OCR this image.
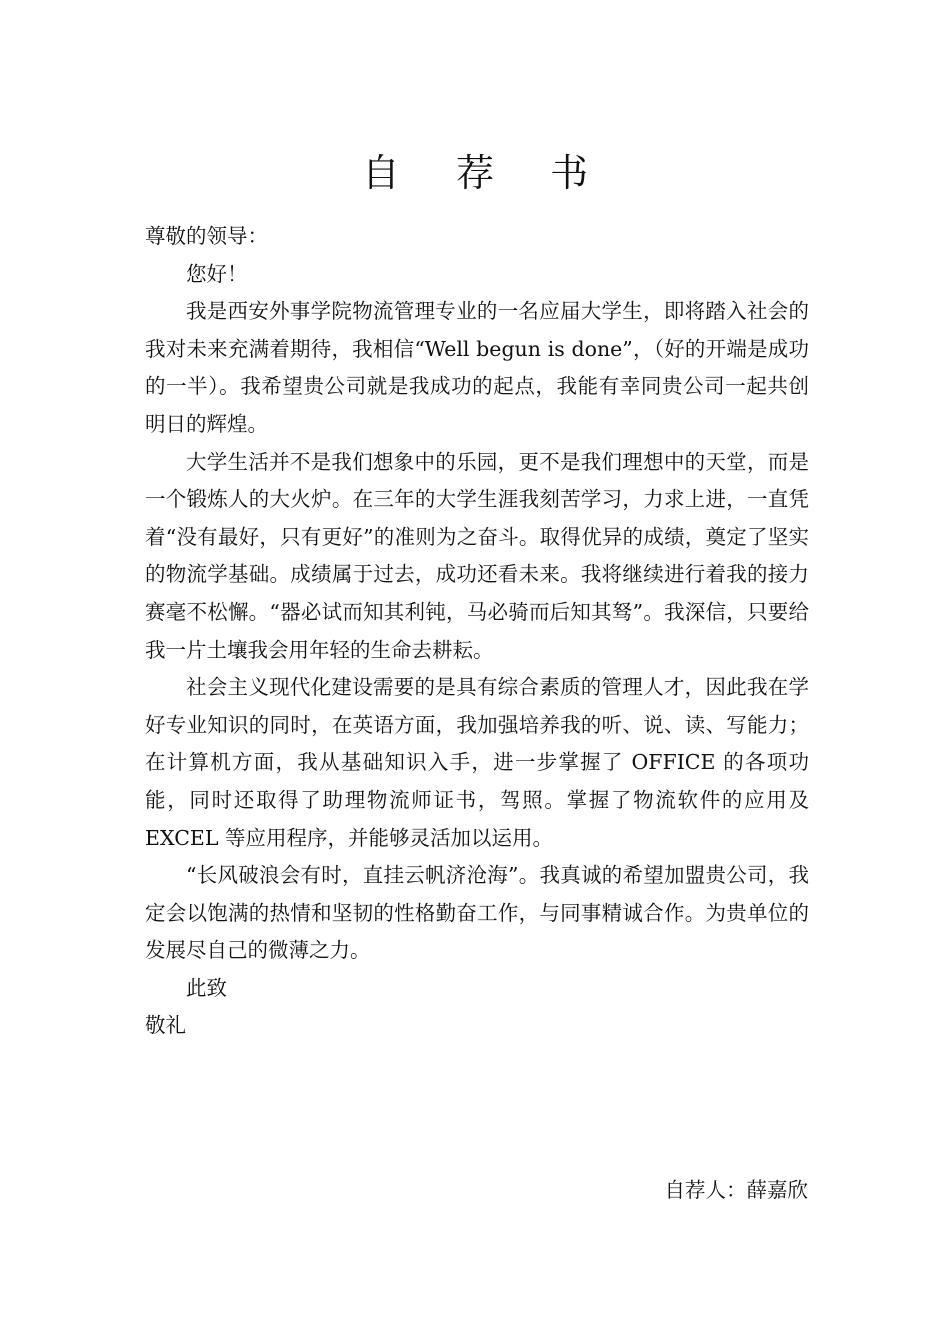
自 荐 书

尊敬的领导：

您好！

我是西安外事学院物流管理专业的一名应届大学生，即将踏入社会的我对未来充满着期待，我相信“Well begun is done”，（好的开端是成功的一半）。我希望贵公司就是我成功的起点，我能有幸同贵公司一起共创明日的辉煌。

大学生活并不是我们想象中的乐园，更不是我们理想中的天堂，而是一个锻炼人的大火炉。在三年的大学生涯我刻苦学习，力求上进，一直凭着“没有最好，只有更好”的准则为之奋斗。取得优异的成绩，奠定了坚实的物流学基础。成绩属于过去，成功还看未来。我将继续进行着我的接力赛毫不松懈。“器必试而知其利钝，马必骑而后知其驽”。我深信，只要给我一片土壤我会用年轻的生命去耕耘。

社会主义现代化建设需要的是具有综合素质的管理人才，因此我在学好专业知识的同时，在英语方面，我加强培养我的听、说、读、写能力；在计算机方面，我从基础知识入手，进一步掌握了 OFFICE 的各项功能，同时还取得了助理物流师证书，驾照。掌握了物流软件的应用及 EXCEL 等应用程序，并能够灵活加以运用。

“长风破浪会有时，直挂云帆济沧海”。我真诚的希望加盟贵公司，我定会以饱满的热情和坚韧的性格勤奋工作，与同事精诚合作。为贵单位的发展尽自己的微薄之力。

此致

敬礼

自荐人：薛嘉欣
